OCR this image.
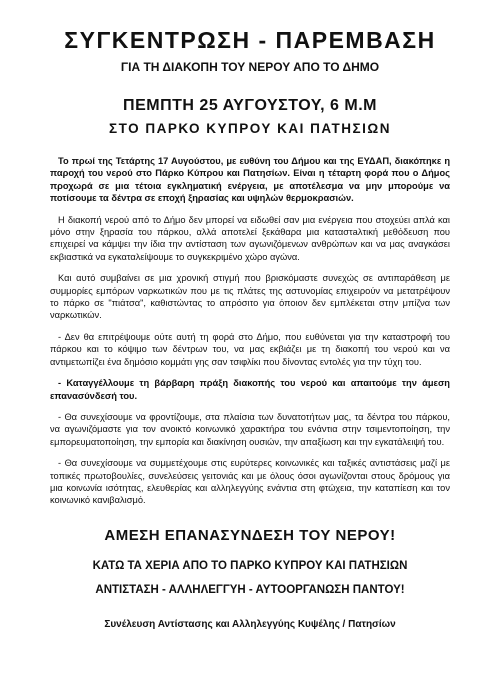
ΣΥΓΚΕΝΤΡΩΣΗ - ΠΑΡΕΜΒΑΣΗ

ΓΙΑ ΤΗ ΔΙΑΚΟΠΗ ΤΟΥ ΝΕΡΟΥ ΑΠΟ ΤΟ ΔΗΜΟ

ΠΕΜΠΤΗ 25 ΑΥΓΟΥΣΤΟΥ, 6 Μ.Μ

ΣΤΟ ΠΑΡΚΟ ΚΥΠΡΟΥ ΚΑΙ ΠΑΤΗΣΙΩΝ

Το πρωί της Τετάρτης 17 Αυγούστου, με ευθύνη του Δήμου και της ΕΥΔΑΠ, διακόπηκε η παροχή του νερού στο Πάρκο Κύπρου και Πατησίων. Είναι η τέταρτη φορά που ο Δήμος προχωρά σε μια τέτοια εγκληματική ενέργεια, με αποτέλεσμα να μην μπορούμε να ποτίσουμε τα δέντρα σε εποχή ξηρασίας και υψηλών θερμοκρασιών.

Η διακοπή νερού από το Δήμο δεν μπορεί να ειδωθεί σαν μια ενέργεια που στοχεύει απλά και μόνο στην ξηρασία του πάρκου, αλλά αποτελεί ξεκάθαρα μια καταστaλτική μεθόδευση που επιχειρεί να κάμψει την ίδια την αντίσταση των αγωνιζόμενων ανθρώπων και να μας αναγκάσει εκβιαστικά να εγκαταλείψουμε το συγκεκριμένο χώρο αγώνα.

Και αυτό συμβαίνει σε μια χρονική στιγμή που βρισκόμαστε συνεχώς σε αντιπαράθεση με συμμορίες εμπόρων ναρκωτικών που με τις πλάτες της αστυνομίας επιχειρούν να μετατρέψουν το πάρκο σε "πιάτσα", καθιστώντας το απρόσιτο για όποιον δεν εμπλέκεται στην μπίζνα των ναρκωτικών.

- Δεν θα επιτρέψουμε ούτε αυτή τη φορά στο Δήμο, που ευθύνεται για την καταστροφή του πάρκου και το κόψιμο των δέντρων του, να μας εκβιάζει με τη διακοπή του νερού και να αντιμετωπίζει ένα δημόσιο κομμάτι γης σαν τσιφλίκι που δίνοντας εντολές για την τύχη του.

- Καταγγέλλουμε τη βάρβαρη πράξη διακοπής του νερού και απαιτούμε την άμεση επανασύνδεσή του.

- Θα συνεχίσουμε να φροντίζουμε, στα πλαίσια των δυνατοτήτων μας, τα δέντρα του πάρκου, να αγωνιζόμαστε για τον ανοικτό κοινωνικό χαρακτήρα του ενάντια στην τσιμεντοποίηση, την εμπορευματοποίηση, την εμπορία και διακίνηση ουσιών, την απαξίωση και την εγκατάλειψή του.

- Θα συνεχίσουμε να συμμετέχουμε στις ευρύτερες κοινωνικές και ταξικές αντιστάσεις μαζί με τοπικές πρωτοβουλίες, συνελεύσεις γειτονιάς και με όλους όσοι αγωνίζονται στους δρόμους για μια κοινωνία ισότητας, ελευθερίας και αλληλεγγύης ενάντια στη φτώχεια, την καταπίεση και τον κοινωνικό κανιβαλισμό.

ΑΜΕΣΗ ΕΠΑΝΑΣΥΝΔΕΣΗ ΤΟΥ ΝΕΡΟΥ!

ΚΑΤΩ ΤΑ ΧΕΡΙΑ ΑΠΟ ΤΟ ΠΑΡΚΟ ΚΥΠΡΟΥ ΚΑΙ ΠΑΤΗΣΙΩΝ

ΑΝΤΙΣΤΑΣΗ - ΑΛΛΗΛΕΓΓΥΗ - ΑΥΤΟΟΡΓΑΝΩΣΗ ΠΑΝΤΟΥ!

Συνέλευση Αντίστασης και Αλληλεγγύης Κυψέλης / Πατησίων
